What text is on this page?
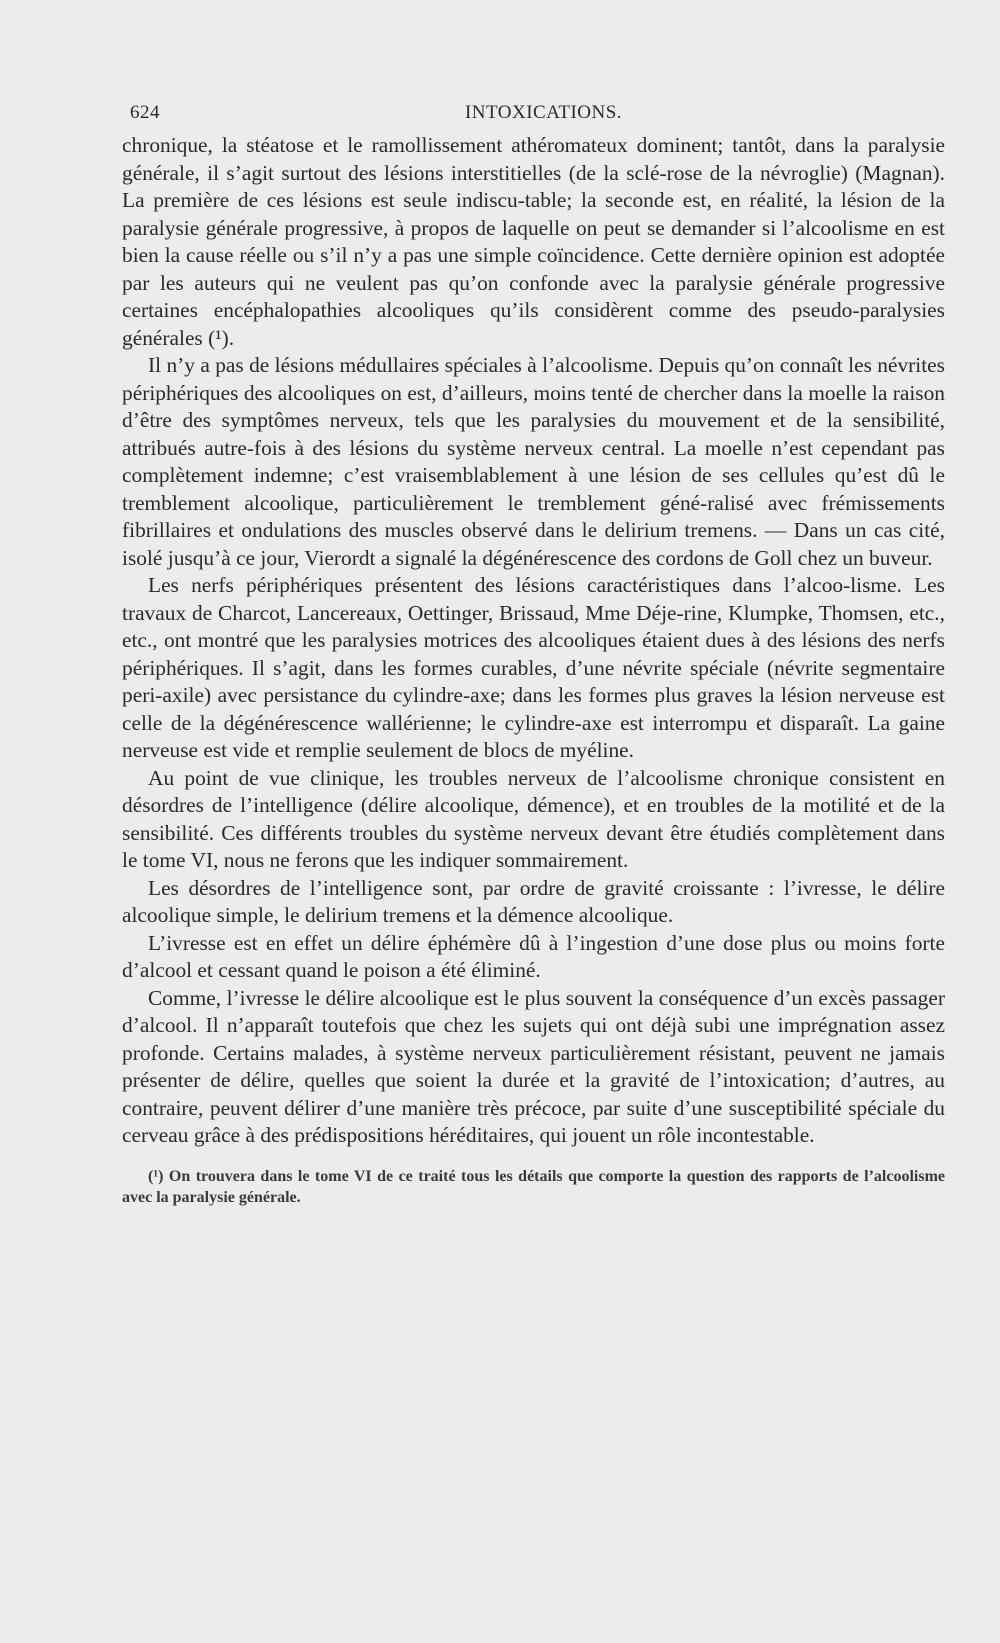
624	INTOXICATIONS.

chronique, la stéatose et le ramollissement athéromateux dominent; tantôt, dans la paralysie générale, il s’agit surtout des lésions interstitielles (de la sclé-rose de la névroglie) (Magnan). La première de ces lésions est seule indiscu-table; la seconde est, en réalité, la lésion de la paralysie générale progressive, à propos de laquelle on peut se demander si l’alcoolisme en est bien la cause réelle ou s’il n’y a pas une simple coïncidence. Cette dernière opinion est adoptée par les auteurs qui ne veulent pas qu’on confonde avec la paralysie générale progressive certaines encéphalopathies alcooliques qu’ils considèrent comme des pseudo-paralysies générales (¹).

Il n’y a pas de lésions médullaires spéciales à l’alcoolisme. Depuis qu’on connaît les névrites périphériques des alcooliques on est, d’ailleurs, moins tenté de chercher dans la moelle la raison d’être des symptômes nerveux, tels que les paralysies du mouvement et de la sensibilité, attribués autre-fois à des lésions du système nerveux central. La moelle n’est cependant pas complètement indemne; c’est vraisemblablement à une lésion de ses cellules qu’est dû le tremblement alcoolique, particulièrement le tremblement géné-ralisé avec frémissements fibrillaires et ondulations des muscles observé dans le delirium tremens. — Dans un cas cité, isolé jusqu’à ce jour, Vierordt a signalé la dégénérescence des cordons de Goll chez un buveur.

Les nerfs périphériques présentent des lésions caractéristiques dans l’alcoo-lisme. Les travaux de Charcot, Lancereaux, Oettinger, Brissaud, Mme Déje-rine, Klumpke, Thomsen, etc., etc., ont montré que les paralysies motrices des alcooliques étaient dues à des lésions des nerfs périphériques. Il s’agit, dans les formes curables, d’une névrite spéciale (névrite segmentaire peri-axile) avec persistance du cylindre-axe; dans les formes plus graves la lésion nerveuse est celle de la dégénérescence wallérienne; le cylindre-axe est interrompu et disparaît. La gaine nerveuse est vide et remplie seulement de blocs de myéline.

Au point de vue clinique, les troubles nerveux de l’alcoolisme chronique consistent en désordres de l’intelligence (délire alcoolique, démence), et en troubles de la motilité et de la sensibilité. Ces différents troubles du système nerveux devant être étudiés complètement dans le tome VI, nous ne ferons que les indiquer sommairement.

Les désordres de l’intelligence sont, par ordre de gravité croissante : l’ivresse, le délire alcoolique simple, le delirium tremens et la démence alcoolique.

L’ivresse est en effet un délire éphémère dû à l’ingestion d’une dose plus ou moins forte d’alcool et cessant quand le poison a été éliminé.

Comme, l’ivresse le délire alcoolique est le plus souvent la conséquence d’un excès passager d’alcool. Il n’apparaît toutefois que chez les sujets qui ont déjà subi une imprégnation assez profonde. Certains malades, à système nerveux particulièrement résistant, peuvent ne jamais présenter de délire, quelles que soient la durée et la gravité de l’intoxication; d’autres, au contraire, peuvent délirer d’une manière très précoce, par suite d’une susceptibilité spéciale du cerveau grâce à des prédispositions héréditaires, qui jouent un rôle incontestable.

(¹) On trouvera dans le tome VI de ce traité tous les détails que comporte la question des rapports de l’alcoolisme avec la paralysie générale.
